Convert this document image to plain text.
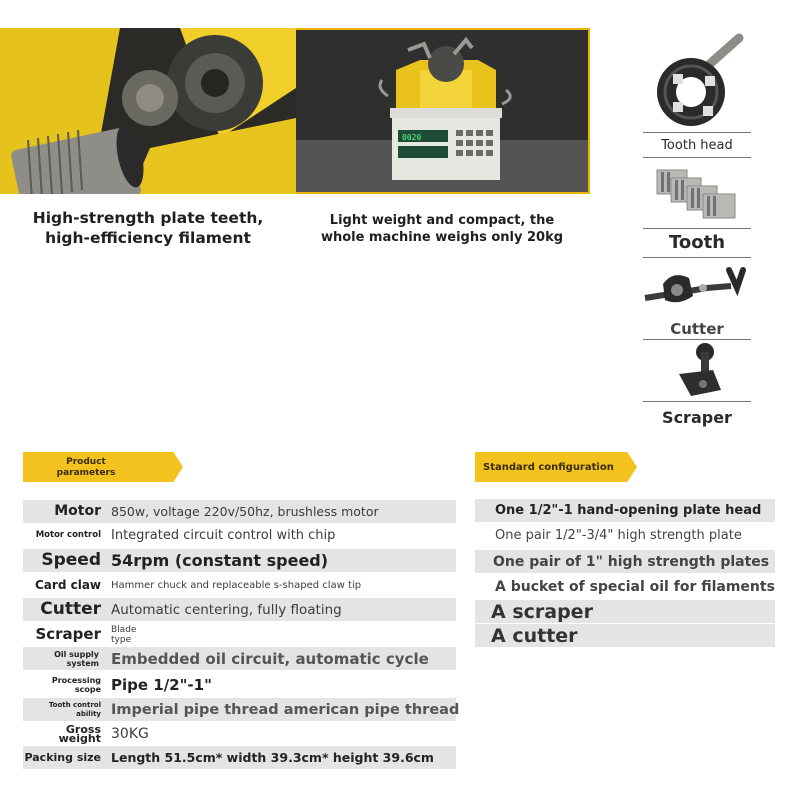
0020
High-strength plate teeth,
high-efficiency filament
Light weight and compact, the
whole machine weighs only 20kg
Tooth head
Tooth
Cutter
Scraper
Product
parameters	Standard configuration
Motor 850w, voltage 220v/50hz, brushless motor
Motor control Integrated circuit control with chip
Speed 54rpm (constant speed)
Card claw Hammer chuck and replaceable s-shaped claw tip
Cutter Automatic centering, fully floating
Scraper Blade type
Oil supply system Embedded oil circuit, automatic cycle
Processing scope Pipe 1/2"-1"
Tooth control ability Imperial pipe thread american pipe thread
Gross weight 30KG
Packing size Length 51.5cm* width 39.3cm* height 39.6cm
One 1/2"-1 hand-opening plate head
One pair 1/2"-3/4" high strength plate
One pair of 1" high strength plates
A bucket of special oil for filaments
A scraper
A cutter
